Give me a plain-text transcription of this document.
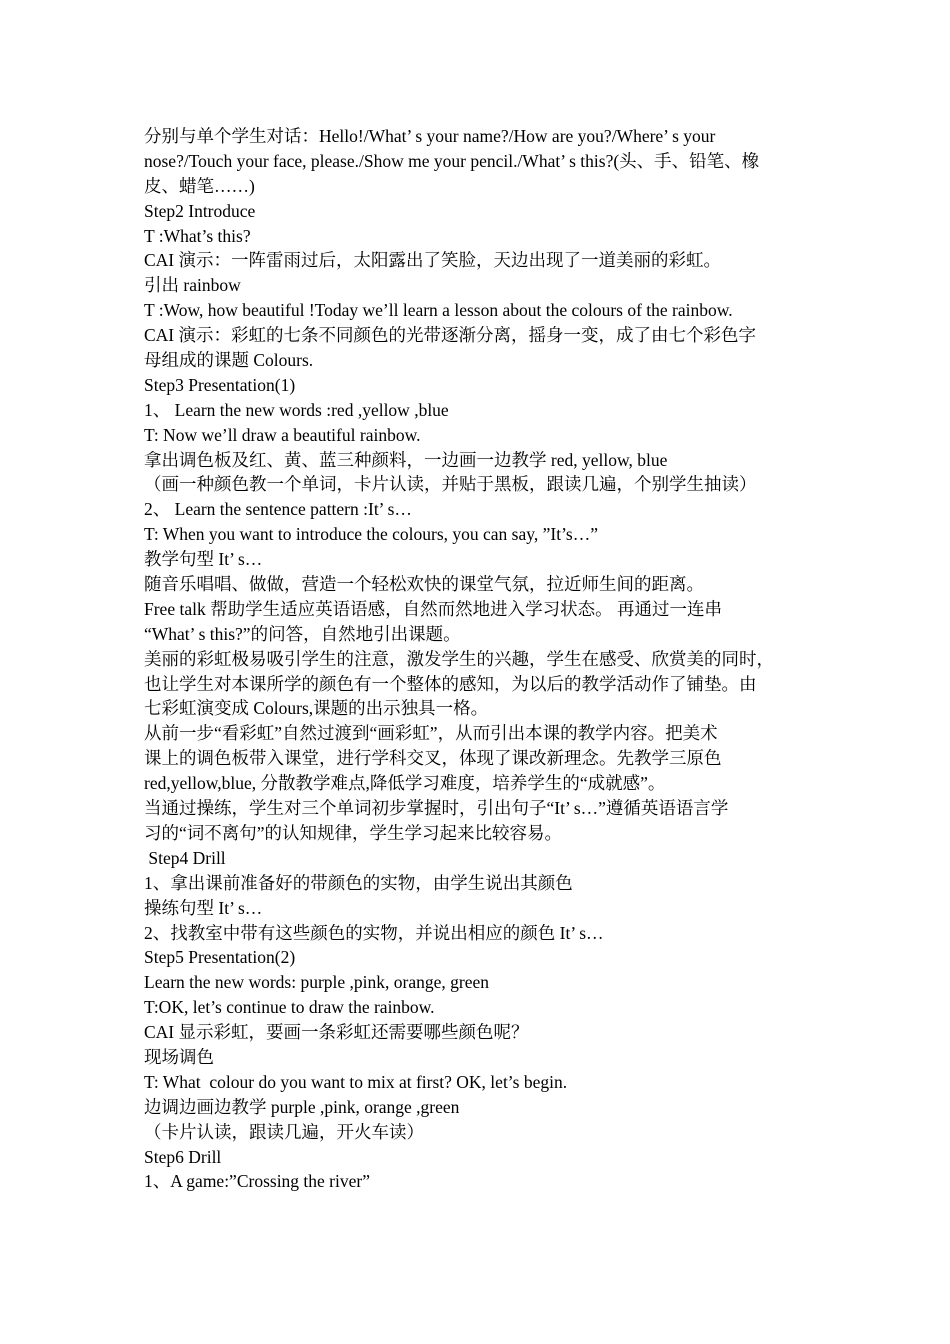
分别与单个学生对话：Hello!/What’ s your name?/How are you?/Where’ s your
nose?/Touch your face, please./Show me your pencil./What’ s this?(头、手、铅笔、橡
皮、蜡笔……)
Step2 Introduce
T :What’s this?
CAI 演示：一阵雷雨过后，太阳露出了笑脸，天边出现了一道美丽的彩虹。
引出 rainbow
T :Wow, how beautiful !Today we’ll learn a lesson about the colours of the rainbow.
CAI 演示：彩虹的七条不同颜色的光带逐渐分离，摇身一变，成了由七个彩色字
母组成的课题 Colours.
Step3 Presentation(1)
1、 Learn the new words :red ,yellow ,blue
T: Now we’ll draw a beautiful rainbow.
拿出调色板及红、黄、蓝三种颜料，一边画一边教学 red, yellow, blue
（画一种颜色教一个单词，卡片认读，并贴于黑板，跟读几遍，个别学生抽读）
2、 Learn the sentence pattern :It’ s…
T: When you want to introduce the colours, you can say, ”It’s…”
教学句型 It’ s…
随音乐唱唱、做做，营造一个轻松欢快的课堂气氛，拉近师生间的距离。
Free talk 帮助学生适应英语语感，自然而然地进入学习状态。 再通过一连串
“What’ s this?”的问答，自然地引出课题。
美丽的彩虹极易吸引学生的注意，激发学生的兴趣，学生在感受、欣赏美的同时，
也让学生对本课所学的颜色有一个整体的感知，为以后的教学活动作了铺垫。由
七彩虹演变成 Colours,课题的出示独具一格。
从前一步“看彩虹”自然过渡到“画彩虹”，从而引出本课的教学内容。把美术
课上的调色板带入课堂，进行学科交叉，体现了课改新理念。先教学三原色
red,yellow,blue, 分散教学难点,降低学习难度，培养学生的“成就感”。
当通过操练，学生对三个单词初步掌握时，引出句子“It’ s…”遵循英语语言学
习的“词不离句”的认知规律，学生学习起来比较容易。
Step4 Drill
1、拿出课前准备好的带颜色的实物，由学生说出其颜色
操练句型 It’ s…
2、找教室中带有这些颜色的实物，并说出相应的颜色 It’ s…
Step5 Presentation(2)
Learn the new words: purple ,pink, orange, green
T:OK, let’s continue to draw the rainbow.
CAI 显示彩虹，要画一条彩虹还需要哪些颜色呢？
现场调色
T: What  colour do you want to mix at first? OK, let’s begin.
边调边画边教学 purple ,pink, orange ,green
（卡片认读，跟读几遍，开火车读）
Step6 Drill
1、A game:”Crossing the river”
